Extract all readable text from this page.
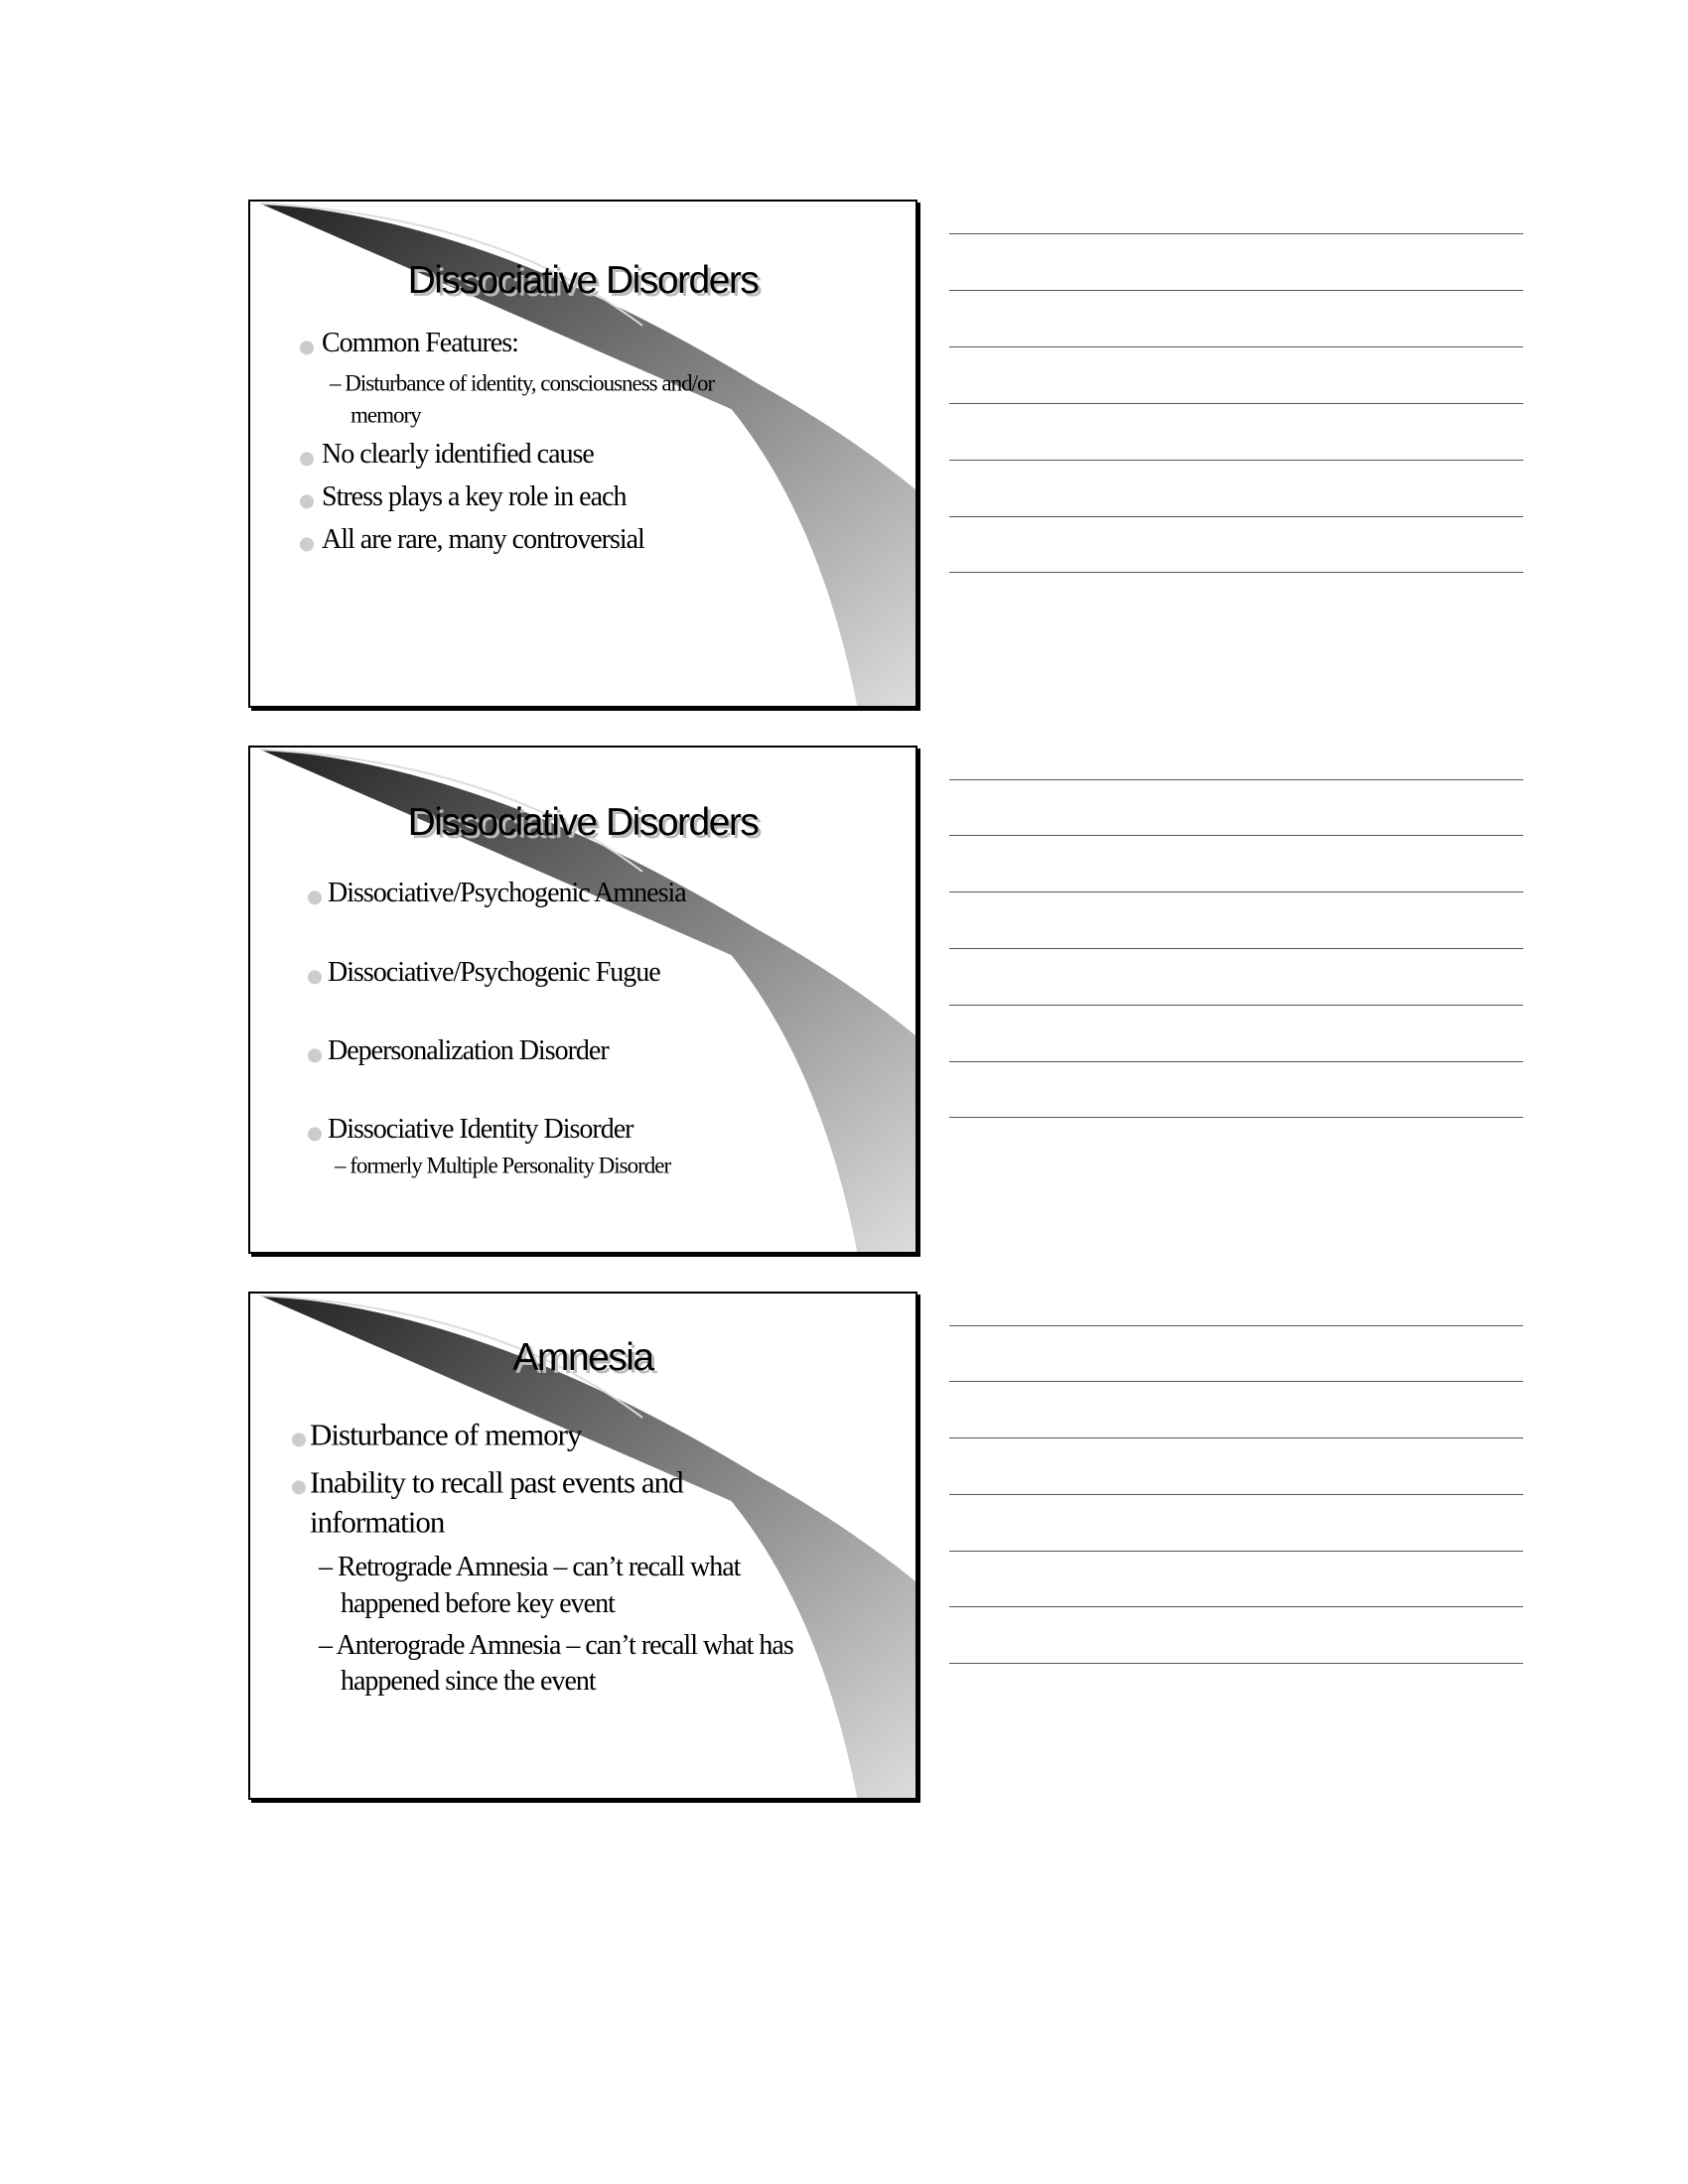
Dissociative Disorders
Common Features:
– Disturbance of identity, consciousness and/or
memory
No clearly identified cause
Stress plays a key role in each
All are rare, many controversial
Dissociative Disorders
Dissociative/Psychogenic Amnesia
Dissociative/Psychogenic Fugue
Depersonalization Disorder
Dissociative Identity Disorder
– formerly Multiple Personality Disorder
Amnesia
Disturbance of memory
Inability to recall past events and
information
– Retrograde Amnesia – can’t recall what
happened before key event
– Anterograde Amnesia – can’t recall what has
happened since the event
